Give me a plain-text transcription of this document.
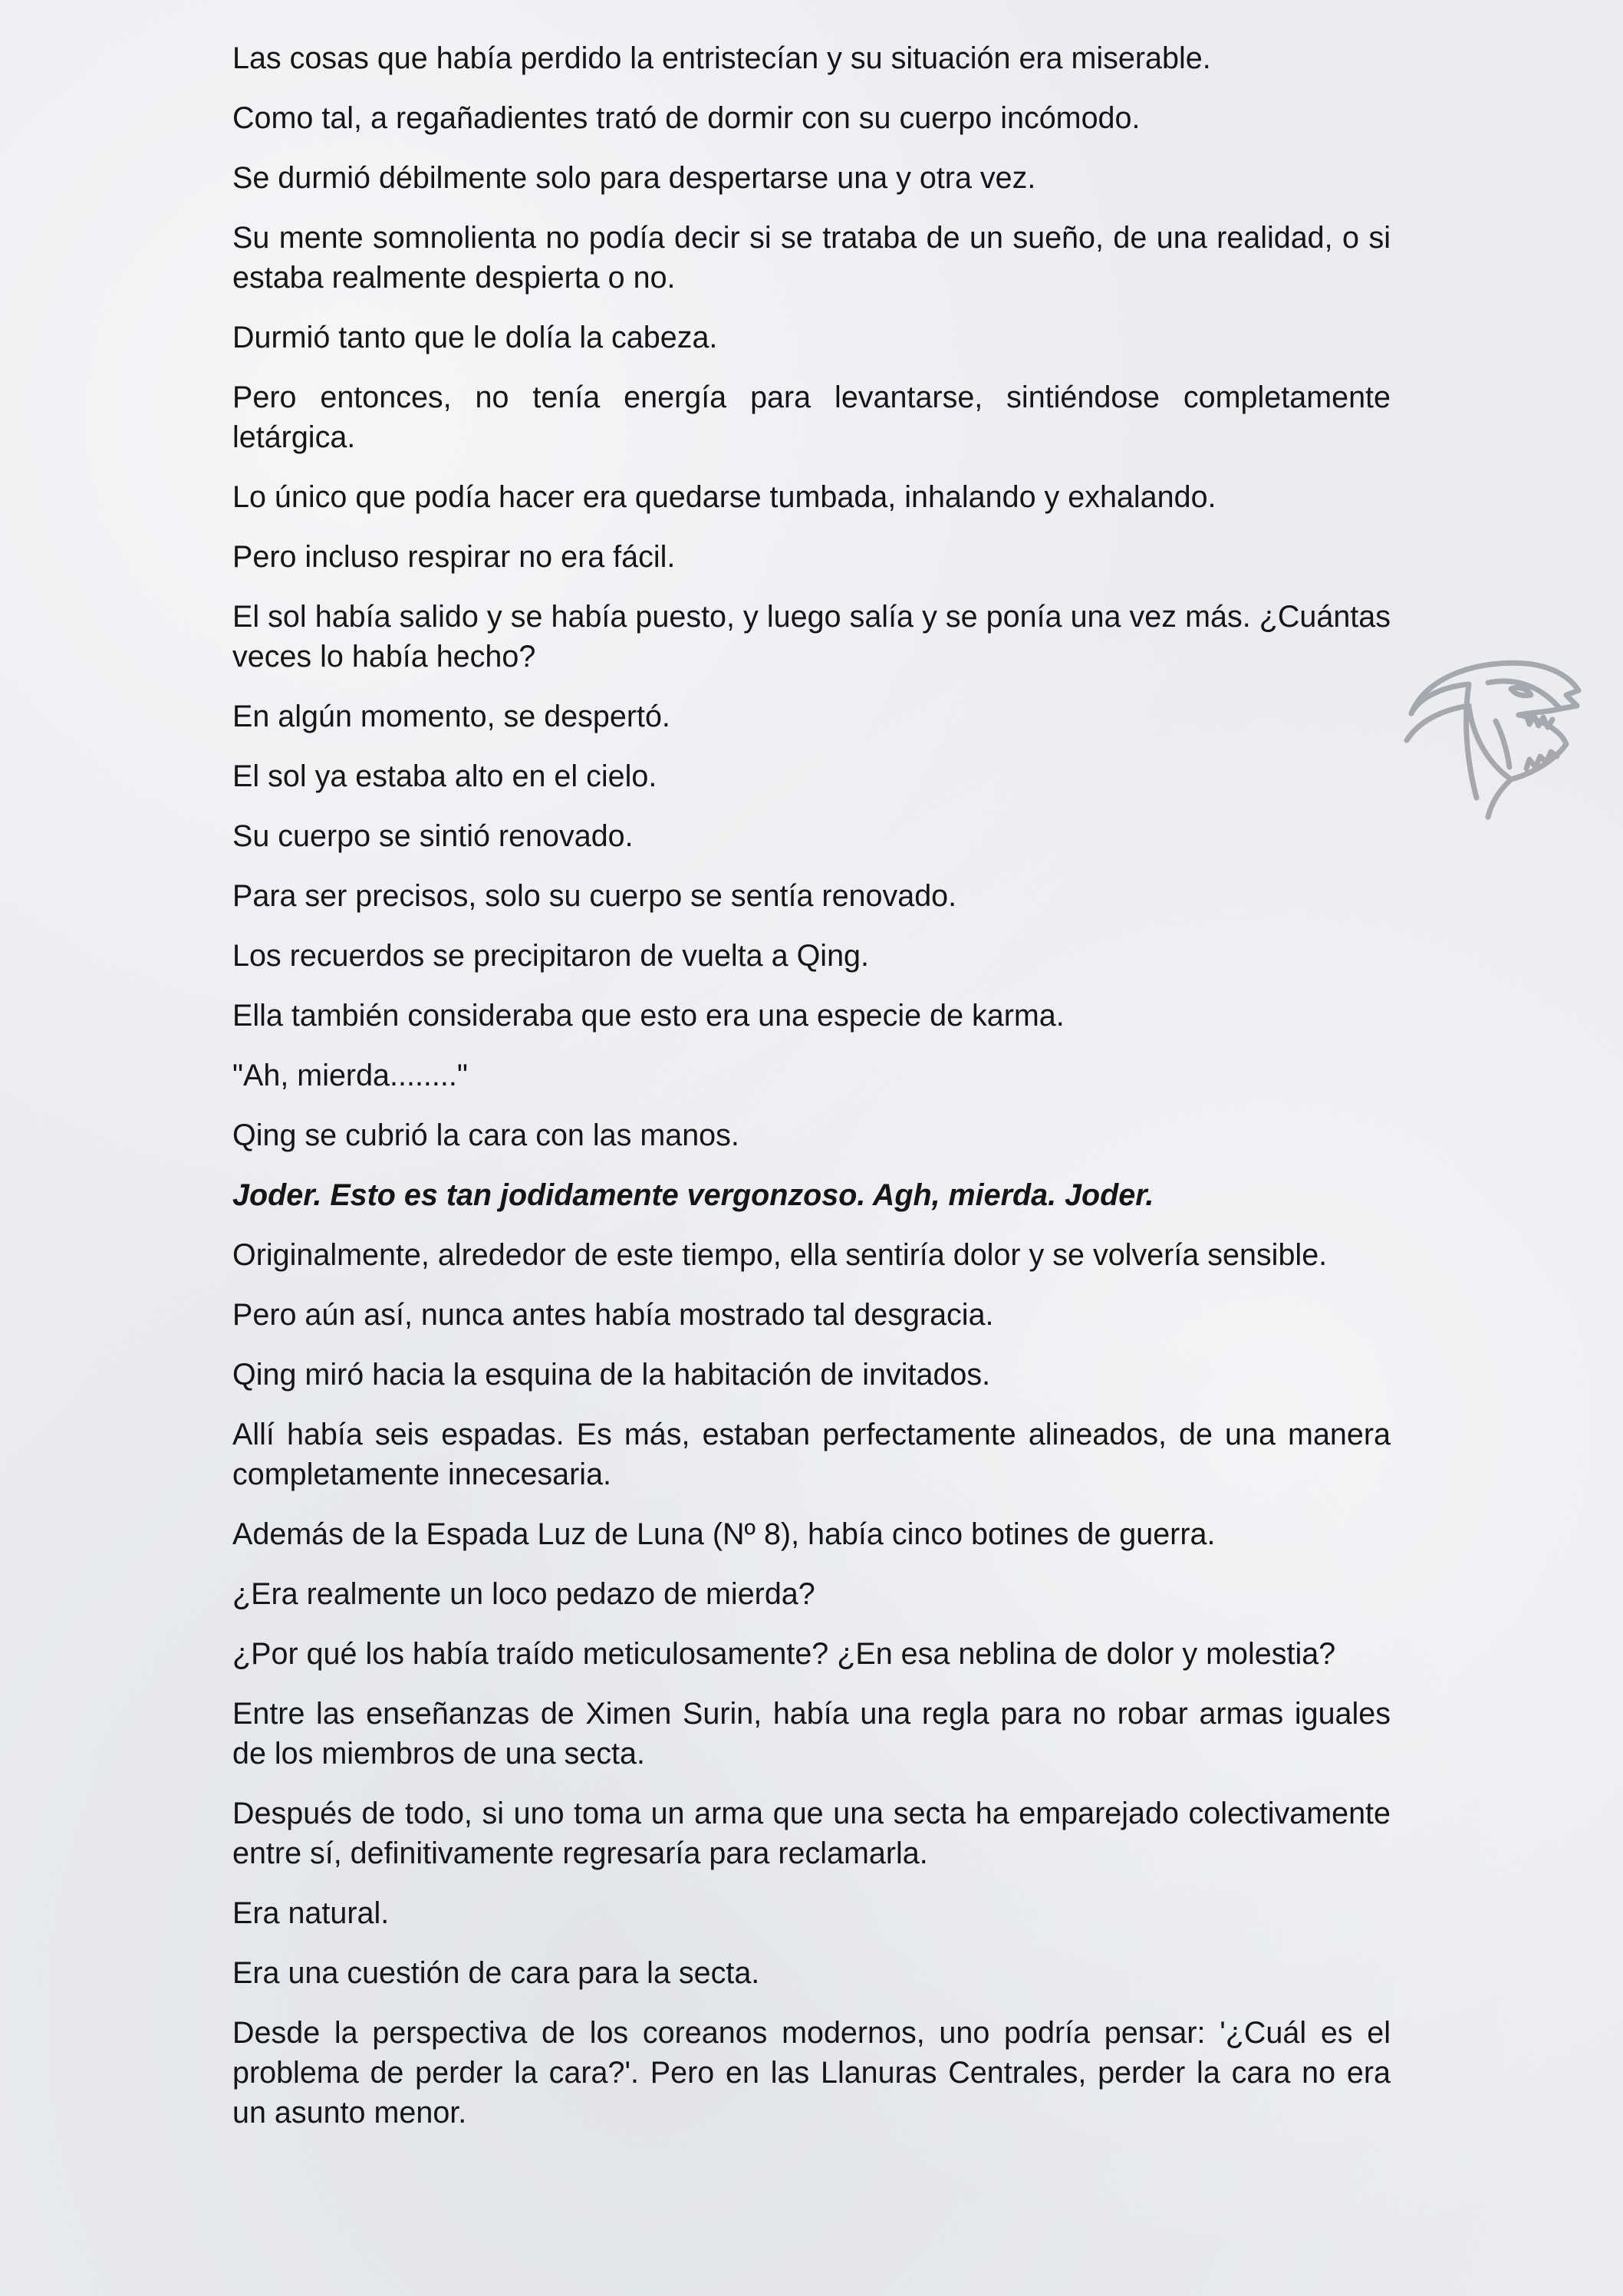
Las cosas que había perdido la entristecían y su situación era miserable.

Como tal, a regañadientes trató de dormir con su cuerpo incómodo.

Se durmió débilmente solo para despertarse una y otra vez.

Su mente somnolienta no podía decir si se trataba de un sueño, de una realidad, o si estaba realmente despierta o no.

Durmió tanto que le dolía la cabeza.

Pero entonces, no tenía energía para levantarse, sintiéndose completamente letárgica.

Lo único que podía hacer era quedarse tumbada, inhalando y exhalando.

Pero incluso respirar no era fácil.

El sol había salido y se había puesto, y luego salía y se ponía una vez más. ¿Cuántas veces lo había hecho?

En algún momento, se despertó.

El sol ya estaba alto en el cielo.

Su cuerpo se sintió renovado.

Para ser precisos, solo su cuerpo se sentía renovado.

Los recuerdos se precipitaron de vuelta a Qing.

Ella también consideraba que esto era una especie de karma.

"Ah, mierda........"

Qing se cubrió la cara con las manos.

Joder. Esto es tan jodidamente vergonzoso. Agh, mierda. Joder.

Originalmente, alrededor de este tiempo, ella sentiría dolor y se volvería sensible.

Pero aún así, nunca antes había mostrado tal desgracia.

Qing miró hacia la esquina de la habitación de invitados.

Allí había seis espadas. Es más, estaban perfectamente alineados, de una manera completamente innecesaria.

Además de la Espada Luz de Luna (Nº 8), había cinco botines de guerra.

¿Era realmente un loco pedazo de mierda?

¿Por qué los había traído meticulosamente? ¿En esa neblina de dolor y molestia?

Entre las enseñanzas de Ximen Surin, había una regla para no robar armas iguales de los miembros de una secta.

Después de todo, si uno toma un arma que una secta ha emparejado colectivamente entre sí, definitivamente regresaría para reclamarla.

Era natural.

Era una cuestión de cara para la secta.

Desde la perspectiva de los coreanos modernos, uno podría pensar: '¿Cuál es el problema de perder la cara?'. Pero en las Llanuras Centrales, perder la cara no era un asunto menor.
